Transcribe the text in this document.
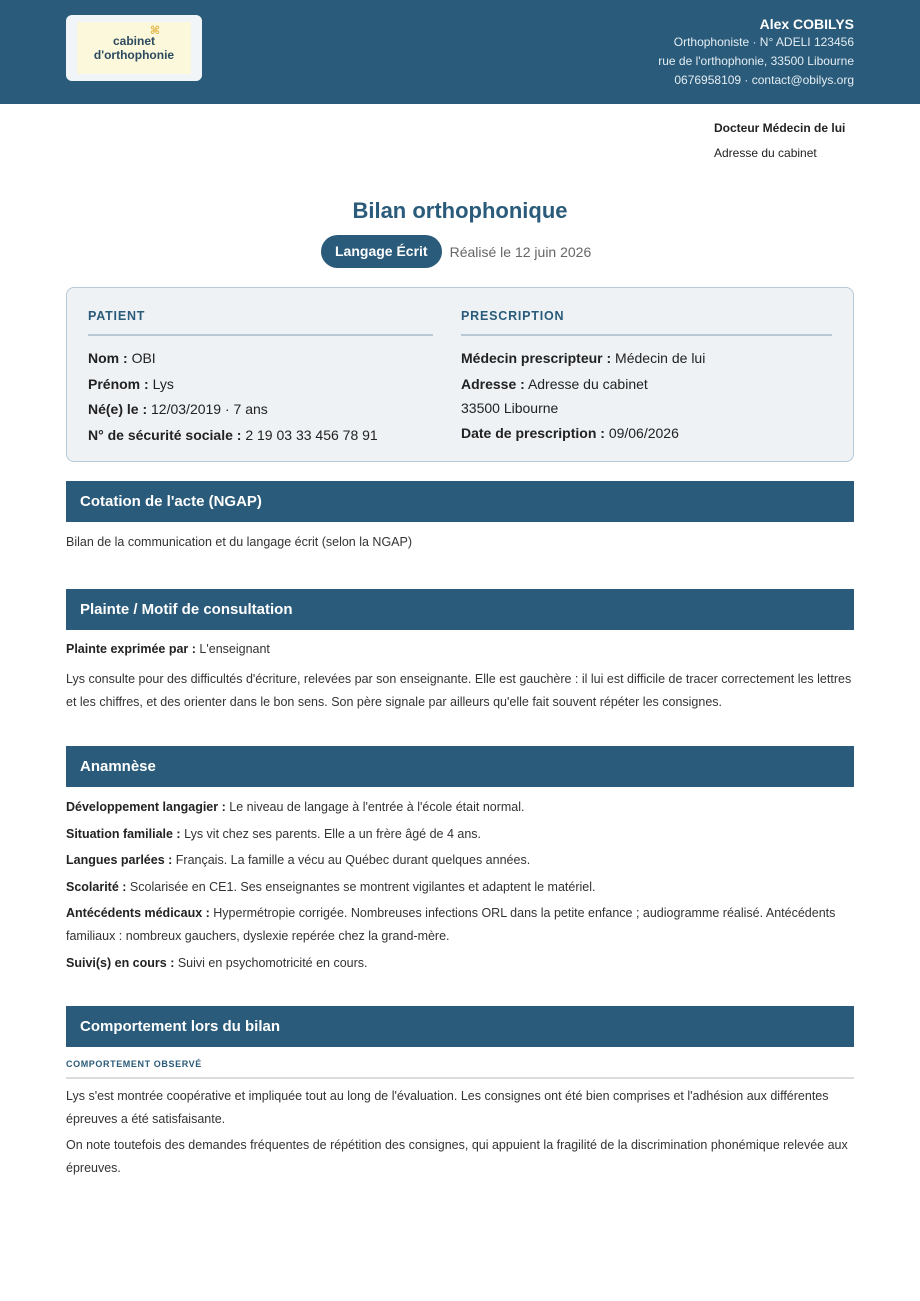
⌘
cabinet
d'orthophonie
Alex COBILYS
Orthophoniste · N° ADELI 123456
rue de l'orthophonie, 33500 Libourne
0676958109 · contact@obilys.org
Docteur Médecin de lui
Adresse du cabinet
Bilan orthophonique
Langage Écrit	Réalisé le 12 juin 2026
PATIENT
Nom : OBI
Prénom : Lys
Né(e) le : 12/03/2019 · 7 ans
N° de sécurité sociale : 2 19 03 33 456 78 91
PRESCRIPTION
Médecin prescripteur : Médecin de lui
Adresse : Adresse du cabinet
33500 Libourne
Date de prescription : 09/06/2026
Cotation de l'acte (NGAP)
Bilan de la communication et du langage écrit (selon la NGAP)
Plainte / Motif de consultation
Plainte exprimée par : L'enseignant
Lys consulte pour des difficultés d'écriture, relevées par son enseignante. Elle est gauchère : il lui est difficile de tracer correctement les lettres et les chiffres, et des orienter dans le bon sens. Son père signale par ailleurs qu'elle fait souvent répéter les consignes.
Anamnèse
Développement langagier : Le niveau de langage à l'entrée à l'école était normal.
Situation familiale : Lys vit chez ses parents. Elle a un frère âgé de 4 ans.
Langues parlées : Français. La famille a vécu au Québec durant quelques années.
Scolarité : Scolarisée en CE1. Ses enseignantes se montrent vigilantes et adaptent le matériel.
Antécédents médicaux : Hypermétropie corrigée. Nombreuses infections ORL dans la petite enfance ; audiogramme réalisé. Antécédents familiaux : nombreux gauchers, dyslexie repérée chez la grand-mère.
Suivi(s) en cours : Suivi en psychomotricité en cours.
Comportement lors du bilan
COMPORTEMENT OBSERVÉ
Lys s'est montrée coopérative et impliquée tout au long de l'évaluation. Les consignes ont été bien comprises et l'adhésion aux différentes épreuves a été satisfaisante.
On note toutefois des demandes fréquentes de répétition des consignes, qui appuient la fragilité de la discrimination phonémique relevée aux épreuves.
